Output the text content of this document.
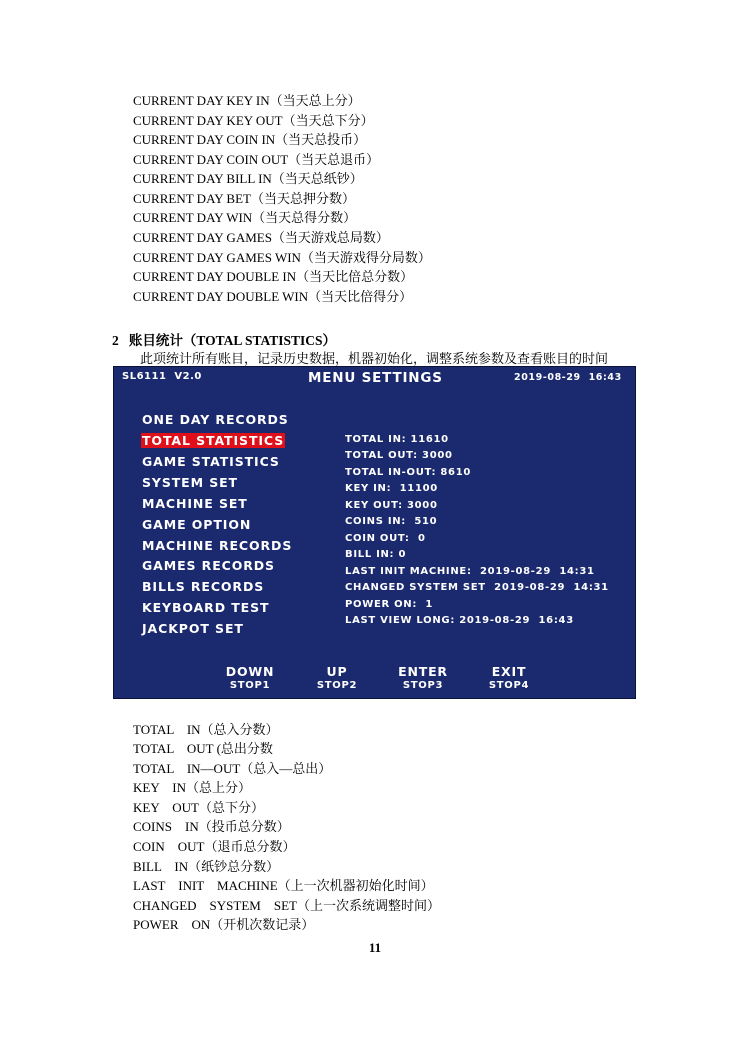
CURRENT DAY KEY IN（当天总上分）
CURRENT DAY KEY OUT（当天总下分）
CURRENT DAY COIN IN（当天总投币）
CURRENT DAY COIN OUT（当天总退币）
CURRENT DAY BILL IN（当天总纸钞）
CURRENT DAY BET（当天总押分数）
CURRENT DAY WIN（当天总得分数）
CURRENT DAY GAMES（当天游戏总局数）
CURRENT DAY GAMES WIN（当天游戏得分局数）
CURRENT DAY DOUBLE IN（当天比倍总分数）
CURRENT DAY DOUBLE WIN（当天比倍得分）
2   账目统计（TOTAL STATISTICS）
此项统计所有账目，记录历史数据，机器初始化，调整系统参数及查看账目的时间
SL6111  V2.0	MENU SETTINGS	2019-08-29  16:43
ONE DAY RECORDS
TOTAL STATISTICS
GAME STATISTICS
SYSTEM SET
MACHINE SET
GAME OPTION
MACHINE RECORDS
GAMES RECORDS
BILLS RECORDS
KEYBOARD TEST
JACKPOT SET
TOTAL IN: 11610
TOTAL OUT: 3000
TOTAL IN-OUT: 8610
KEY IN:  11100
KEY OUT: 3000
COINS IN:  510
COIN OUT:  0
BILL IN: 0
LAST INIT MACHINE:  2019-08-29  14:31
CHANGED SYSTEM SET  2019-08-29  14:31
POWER ON:  1
LAST VIEW LONG: 2019-08-29  16:43
DOWN
STOP1
UP
STOP2
ENTER
STOP3
EXIT
STOP4
TOTAL    IN（总入分数）
TOTAL    OUT (总出分数
TOTAL    IN—OUT（总入—总出）
KEY    IN（总上分）
KEY    OUT（总下分）
COINS    IN（投币总分数）
COIN    OUT（退币总分数）
BILL    IN（纸钞总分数）
LAST    INIT    MACHINE（上一次机器初始化时间）
CHANGED    SYSTEM    SET（上一次系统调整时间）
POWER    ON（开机次数记录）
11
